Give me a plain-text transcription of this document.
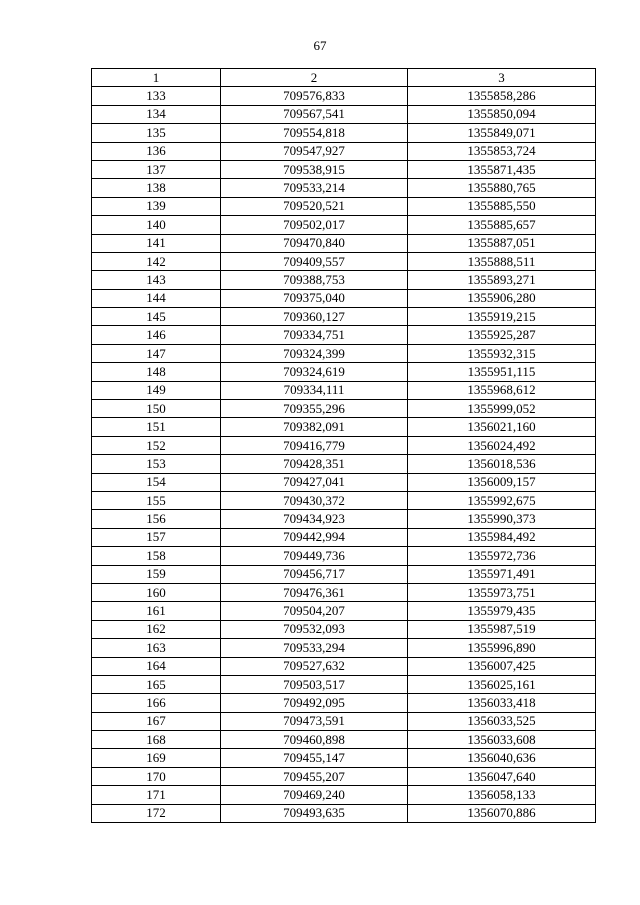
67
1	2	3
133	709576,833	1355858,286
134	709567,541	1355850,094
135	709554,818	1355849,071
136	709547,927	1355853,724
137	709538,915	1355871,435
138	709533,214	1355880,765
139	709520,521	1355885,550
140	709502,017	1355885,657
141	709470,840	1355887,051
142	709409,557	1355888,511
143	709388,753	1355893,271
144	709375,040	1355906,280
145	709360,127	1355919,215
146	709334,751	1355925,287
147	709324,399	1355932,315
148	709324,619	1355951,115
149	709334,111	1355968,612
150	709355,296	1355999,052
151	709382,091	1356021,160
152	709416,779	1356024,492
153	709428,351	1356018,536
154	709427,041	1356009,157
155	709430,372	1355992,675
156	709434,923	1355990,373
157	709442,994	1355984,492
158	709449,736	1355972,736
159	709456,717	1355971,491
160	709476,361	1355973,751
161	709504,207	1355979,435
162	709532,093	1355987,519
163	709533,294	1355996,890
164	709527,632	1356007,425
165	709503,517	1356025,161
166	709492,095	1356033,418
167	709473,591	1356033,525
168	709460,898	1356033,608
169	709455,147	1356040,636
170	709455,207	1356047,640
171	709469,240	1356058,133
172	709493,635	1356070,886
